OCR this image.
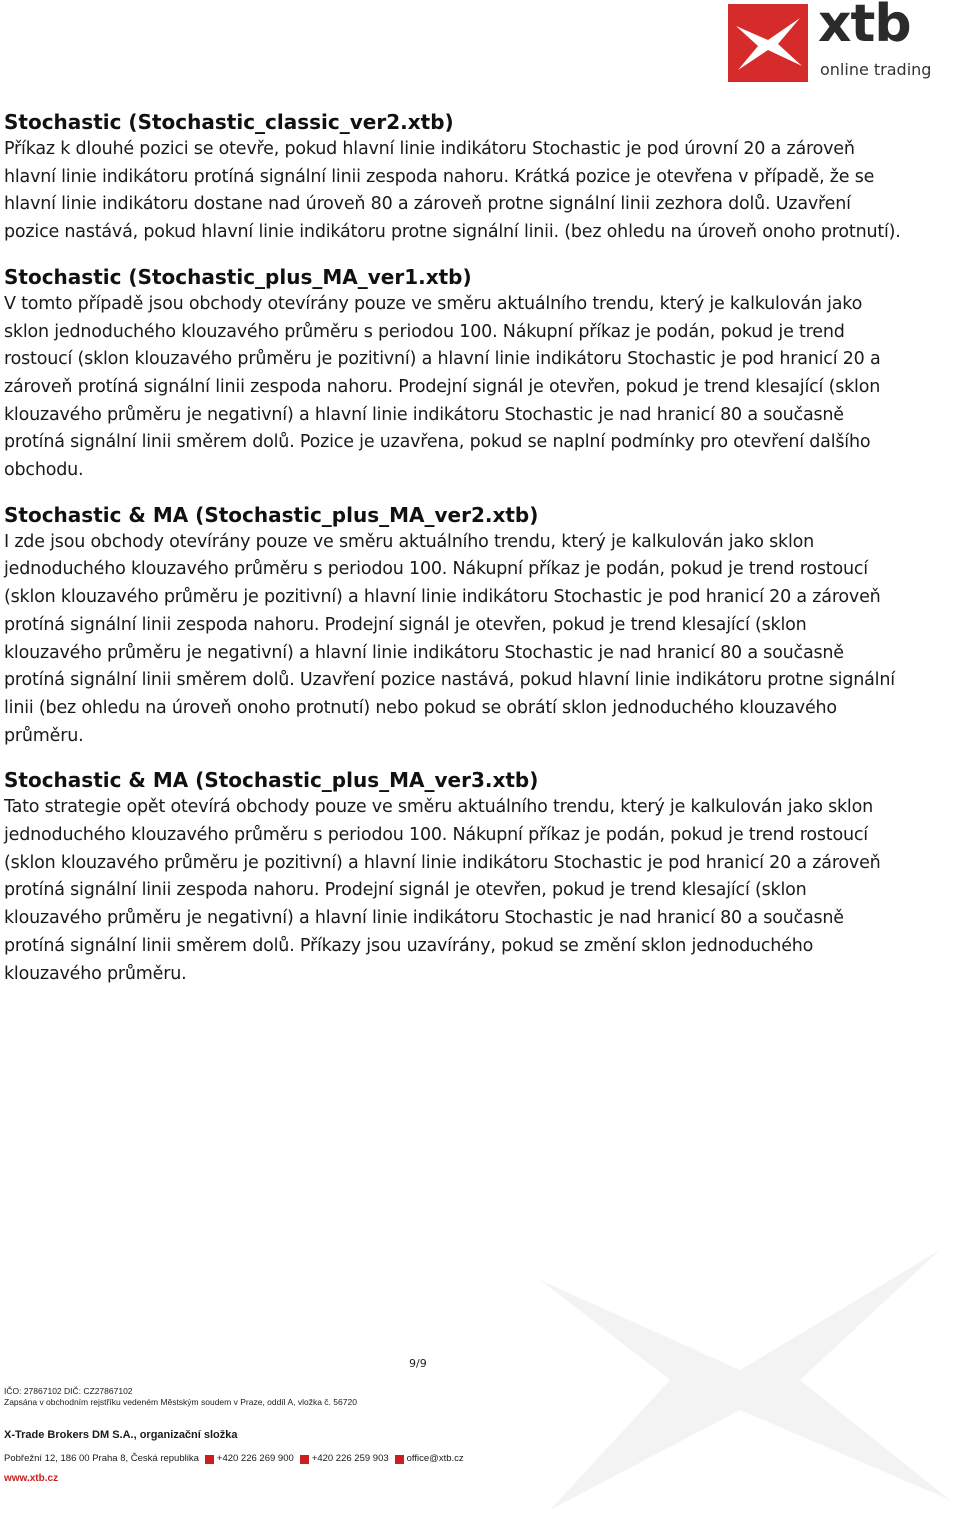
xtb
online trading

Stochastic (Stochastic_classic_ver2.xtb)

Příkaz k dlouhé pozici se otevře, pokud hlavní linie indikátoru Stochastic je pod úrovní 20 a zároveň hlavní linie indikátoru protíná signální linii zespoda nahoru. Krátká pozice je otevřena v případě, že se hlavní linie indikátoru dostane nad úroveň 80 a zároveň protne signální linii zezhora dolů. Uzavření pozice nastává, pokud hlavní linie indikátoru protne signální linii. (bez ohledu na úroveň onoho protnutí).

Stochastic (Stochastic_plus_MA_ver1.xtb)

V tomto případě jsou obchody otevírány pouze ve směru aktuálního trendu, který je kalkulován jako sklon jednoduchého klouzavého průměru s periodou 100. Nákupní příkaz je podán, pokud je trend rostoucí (sklon klouzavého průměru je pozitivní) a hlavní linie indikátoru Stochastic je pod hranicí 20 a zároveň protíná signální linii zespoda nahoru. Prodejní signál je otevřen, pokud je trend klesající (sklon klouzavého průměru je negativní) a hlavní linie indikátoru Stochastic je nad hranicí 80 a současně protíná signální linii směrem dolů. Pozice je uzavřena, pokud se naplní podmínky pro otevření dalšího obchodu.

Stochastic & MA (Stochastic_plus_MA_ver2.xtb)

I zde jsou obchody otevírány pouze ve směru aktuálního trendu, který je kalkulován jako sklon jednoduchého klouzavého průměru s periodou 100. Nákupní příkaz je podán, pokud je trend rostoucí (sklon klouzavého průměru je pozitivní) a hlavní linie indikátoru Stochastic je pod hranicí 20 a zároveň protíná signální linii zespoda nahoru. Prodejní signál je otevřen, pokud je trend klesající (sklon klouzavého průměru je negativní) a hlavní linie indikátoru Stochastic je nad hranicí 80 a současně protíná signální linii směrem dolů. Uzavření pozice nastává, pokud hlavní linie indikátoru protne signální linii (bez ohledu na úroveň onoho protnutí) nebo pokud se obrátí sklon jednoduchého klouzavého průměru.

Stochastic & MA (Stochastic_plus_MA_ver3.xtb)

Tato strategie opět otevírá obchody pouze ve směru aktuálního trendu, který je kalkulován jako sklon jednoduchého klouzavého průměru s periodou 100. Nákupní příkaz je podán, pokud je trend rostoucí (sklon klouzavého průměru je pozitivní) a hlavní linie indikátoru Stochastic je pod hranicí 20 a zároveň protíná signální linii zespoda nahoru. Prodejní signál je otevřen, pokud je trend klesající (sklon klouzavého průměru je negativní) a hlavní linie indikátoru Stochastic je nad hranicí 80 a současně protíná signální linii směrem dolů. Příkazy jsou uzavírány, pokud se změní sklon jednoduchého klouzavého průměru.

9/9

IČO: 27867102 DIČ: CZ27867102

Zapsána v obchodním rejstříku vedeném Městským soudem v Praze, oddíl A, vložka č. 56720

X-Trade Brokers DM S.A., organizační složka

Pobřežní 12, 186 00 Praha 8, Česká republika +420 226 269 900 +420 226 259 903 office@xtb.cz

www.xtb.cz
